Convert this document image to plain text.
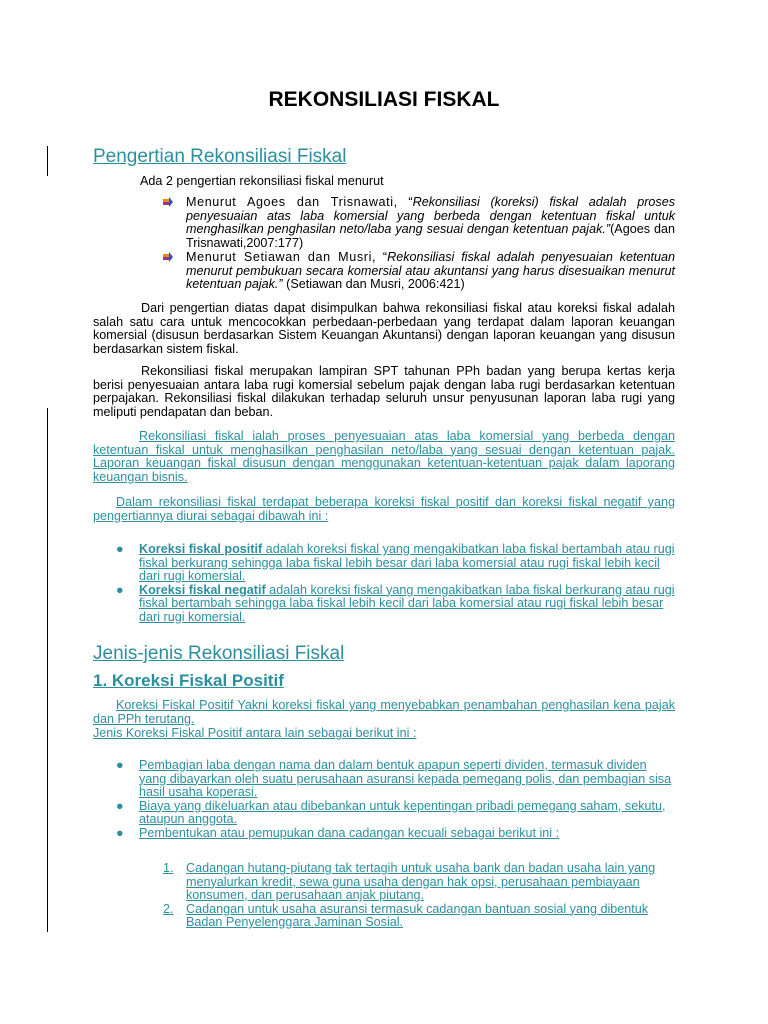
REKONSILIASI FISKAL
Pengertian Rekonsiliasi Fiskal

Ada 2 pengertian rekonsiliasi fiskal menurut

Menurut Agoes dan Trisnawati, “Rekonsiliasi (koreksi) fiskal adalah proses penyesuaian atas laba komersial yang berbeda dengan ketentuan fiskal untuk menghasilkan penghasilan neto/laba yang sesuai dengan ketentuan pajak.”(Agoes dan Trisnawati,2007:177)

Menurut Setiawan dan Musri, “Rekonsiliasi fiskal adalah penyesuaian ketentuan menurut pembukuan secara komersial atau akuntansi yang harus disesuaikan menurut ketentuan pajak.” (Setiawan dan Musri, 2006:421)

Dari pengertian diatas dapat disimpulkan bahwa rekonsiliasi fiskal atau koreksi fiskal adalah salah satu cara untuk mencocokkan perbedaan-perbedaan yang terdapat dalam laporan keuangan komersial (disusun berdasarkan Sistem Keuangan Akuntansi) dengan laporan keuangan yang disusun berdasarkan sistem fiskal.

Rekonsiliasi fiskal merupakan lampiran SPT tahunan PPh badan yang berupa kertas kerja berisi penyesuaian antara laba rugi komersial sebelum pajak dengan laba rugi berdasarkan ketentuan perpajakan. Rekonsiliasi fiskal dilakukan terhadap seluruh unsur penyusunan laporan laba rugi yang meliputi pendapatan dan beban.

Rekonsiliasi fiskal ialah proses penyesuaian atas laba komersial yang berbeda dengan ketentuan fiskal untuk menghasilkan penghasilan neto/laba yang sesuai dengan ketentuan pajak. Laporan keuangan fiskal disusun dengan menggunakan ketentuan-ketentuan pajak dalam laporang keuangan bisnis.

Dalam rekonsiliasi fiskal terdapat beberapa koreksi fiskal positif dan koreksi fiskal negatif yang pengertiannya diurai sebagai dibawah ini :

●	Koreksi fiskal positif adalah koreksi fiskal yang mengakibatkan laba fiskal bertambah atau rugi fiskal berkurang sehingga laba fiskal lebih besar dari laba komersial atau rugi fiskal lebih kecil dari rugi komersial.

●	Koreksi fiskal negatif adalah koreksi fiskal yang mengakibatkan laba fiskal berkurang atau rugi fiskal bertambah sehingga laba fiskal lebih kecil dari laba komersial atau rugi fiskal lebih besar dari rugi komersial.

Jenis-jenis Rekonsiliasi Fiskal
1. Koreksi Fiskal Positif

Koreksi Fiskal Positif Yakni koreksi fiskal yang menyebabkan penambahan penghasilan kena pajak dan PPh terutang.

Jenis Koreksi Fiskal Positif antara lain sebagai berikut ini :

●	Pembagian laba dengan nama dan dalam bentuk apapun seperti dividen, termasuk dividen yang dibayarkan oleh suatu perusahaan asuransi kepada pemegang polis, dan pembagian sisa hasil usaha koperasi.

●	Biaya yang dikeluarkan atau dibebankan untuk kepentingan pribadi pemegang saham, sekutu, ataupun anggota.

●	Pembentukan atau pemupukan dana cadangan kecuali sebagai berikut ini :

1. Cadangan hutang-piutang tak tertagih untuk usaha bank dan badan usaha lain yang menyalurkan kredit, sewa guna usaha dengan hak opsi, perusahaan pembiayaan konsumen, dan perusahaan anjak piutang.

2. Cadangan untuk usaha asuransi termasuk cadangan bantuan sosial yang dibentuk Badan Penyelenggara Jaminan Sosial.
